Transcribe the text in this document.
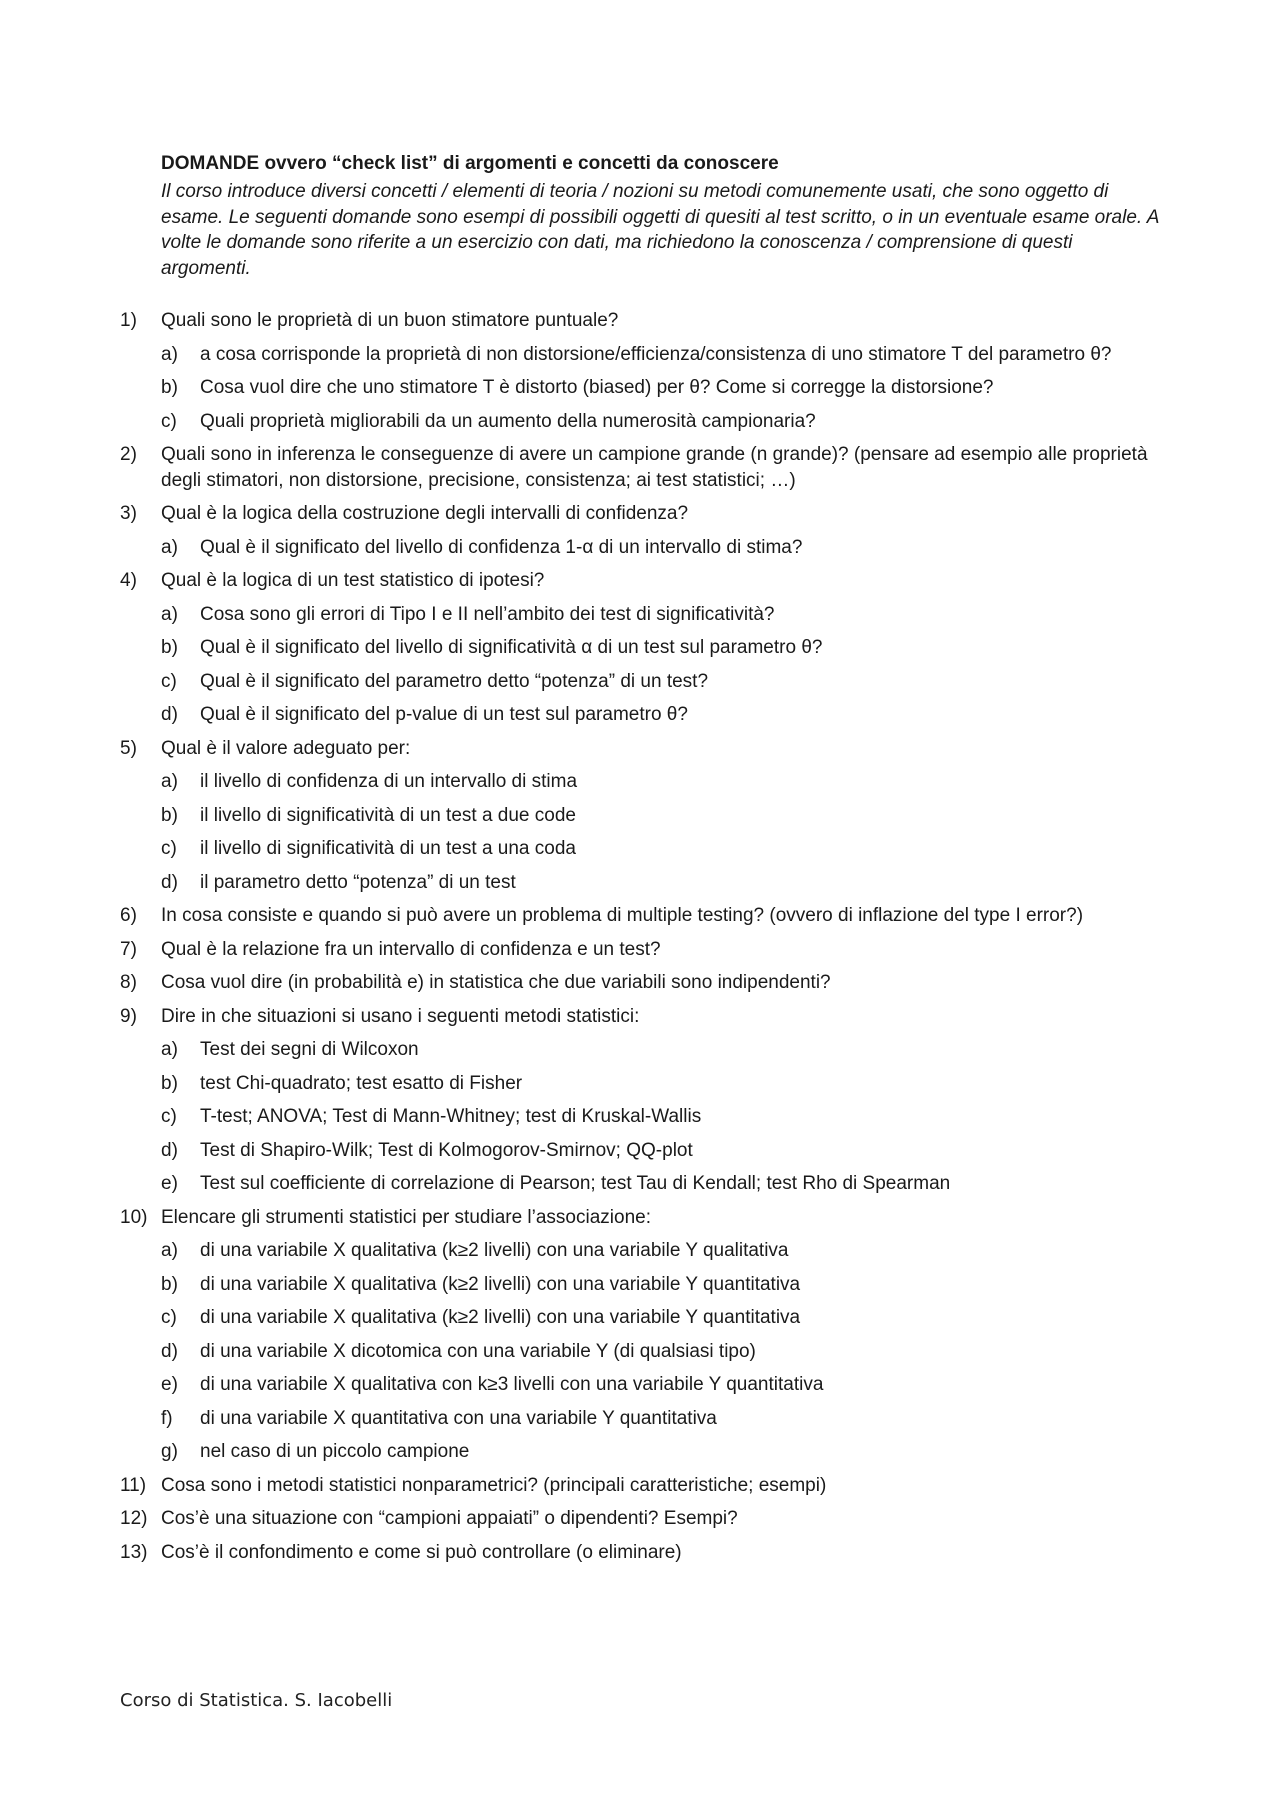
DOMANDE ovvero “check list” di argomenti e concetti da conoscere
Il corso introduce diversi concetti / elementi di teoria / nozioni su metodi comunemente usati, che sono oggetto di esame. Le seguenti domande sono esempi di possibili oggetti di quesiti al test scritto, o in un eventuale esame orale. A volte le domande sono riferite a un esercizio con dati, ma richiedono la conoscenza / comprensione di questi argomenti.
1) Quali sono le proprietà di un buon stimatore puntuale?
a) a cosa corrisponde la proprietà di non distorsione/efficienza/consistenza di uno stimatore T del parametro θ?
b) Cosa vuol dire che uno stimatore T è distorto (biased) per θ? Come si corregge la distorsione?
c) Quali proprietà migliorabili da un aumento della numerosità campionaria?
2) Quali sono in inferenza le conseguenze di avere un campione grande (n grande)? (pensare ad esempio alle proprietà degli stimatori, non distorsione, precisione, consistenza; ai test statistici; …)
3) Qual è la logica della costruzione degli intervalli di confidenza?
a) Qual è il significato del livello di confidenza 1-α di un intervallo di stima?
4) Qual è la logica di un test statistico di ipotesi?
a) Cosa sono gli errori di Tipo I e II nell’ambito dei test di significatività?
b) Qual è il significato del livello di significatività α di un test sul parametro θ?
c) Qual è il significato del parametro detto “potenza” di un test?
d) Qual è il significato del p-value di un test sul parametro θ?
5) Qual è il valore adeguato per:
a) il livello di confidenza di un intervallo di stima
b) il livello di significatività di un test a due code
c) il livello di significatività di un test a una coda
d) il parametro detto “potenza” di un test
6) In cosa consiste e quando si può avere un problema di multiple testing? (ovvero di inflazione del type I error?)
7) Qual è la relazione fra un intervallo di confidenza e un test?
8) Cosa vuol dire (in probabilità e) in statistica che due variabili sono indipendenti?
9) Dire in che situazioni si usano i seguenti metodi statistici:
a) Test dei segni di Wilcoxon
b) test Chi-quadrato; test esatto di Fisher
c) T-test; ANOVA; Test di Mann-Whitney; test di Kruskal-Wallis
d) Test di Shapiro-Wilk; Test di Kolmogorov-Smirnov; QQ-plot
e) Test sul coefficiente di correlazione di Pearson; test Tau di Kendall; test Rho di Spearman
10) Elencare gli strumenti statistici per studiare l’associazione:
a) di una variabile X qualitativa (k≥2 livelli) con una variabile Y qualitativa
b) di una variabile X qualitativa (k≥2 livelli) con una variabile Y quantitativa
c) di una variabile X qualitativa (k≥2 livelli) con una variabile Y quantitativa
d) di una variabile X dicotomica con una variabile Y (di qualsiasi tipo)
e) di una variabile X qualitativa con k≥3 livelli con una variabile Y quantitativa
f) di una variabile X quantitativa con una variabile Y quantitativa
g) nel caso di un piccolo campione
11) Cosa sono i metodi statistici nonparametrici? (principali caratteristiche; esempi)
12) Cos’è una situazione con “campioni appaiati” o dipendenti? Esempi?
13) Cos’è il confondimento e come si può controllare (o eliminare)
Corso di Statistica. S. Iacobelli
